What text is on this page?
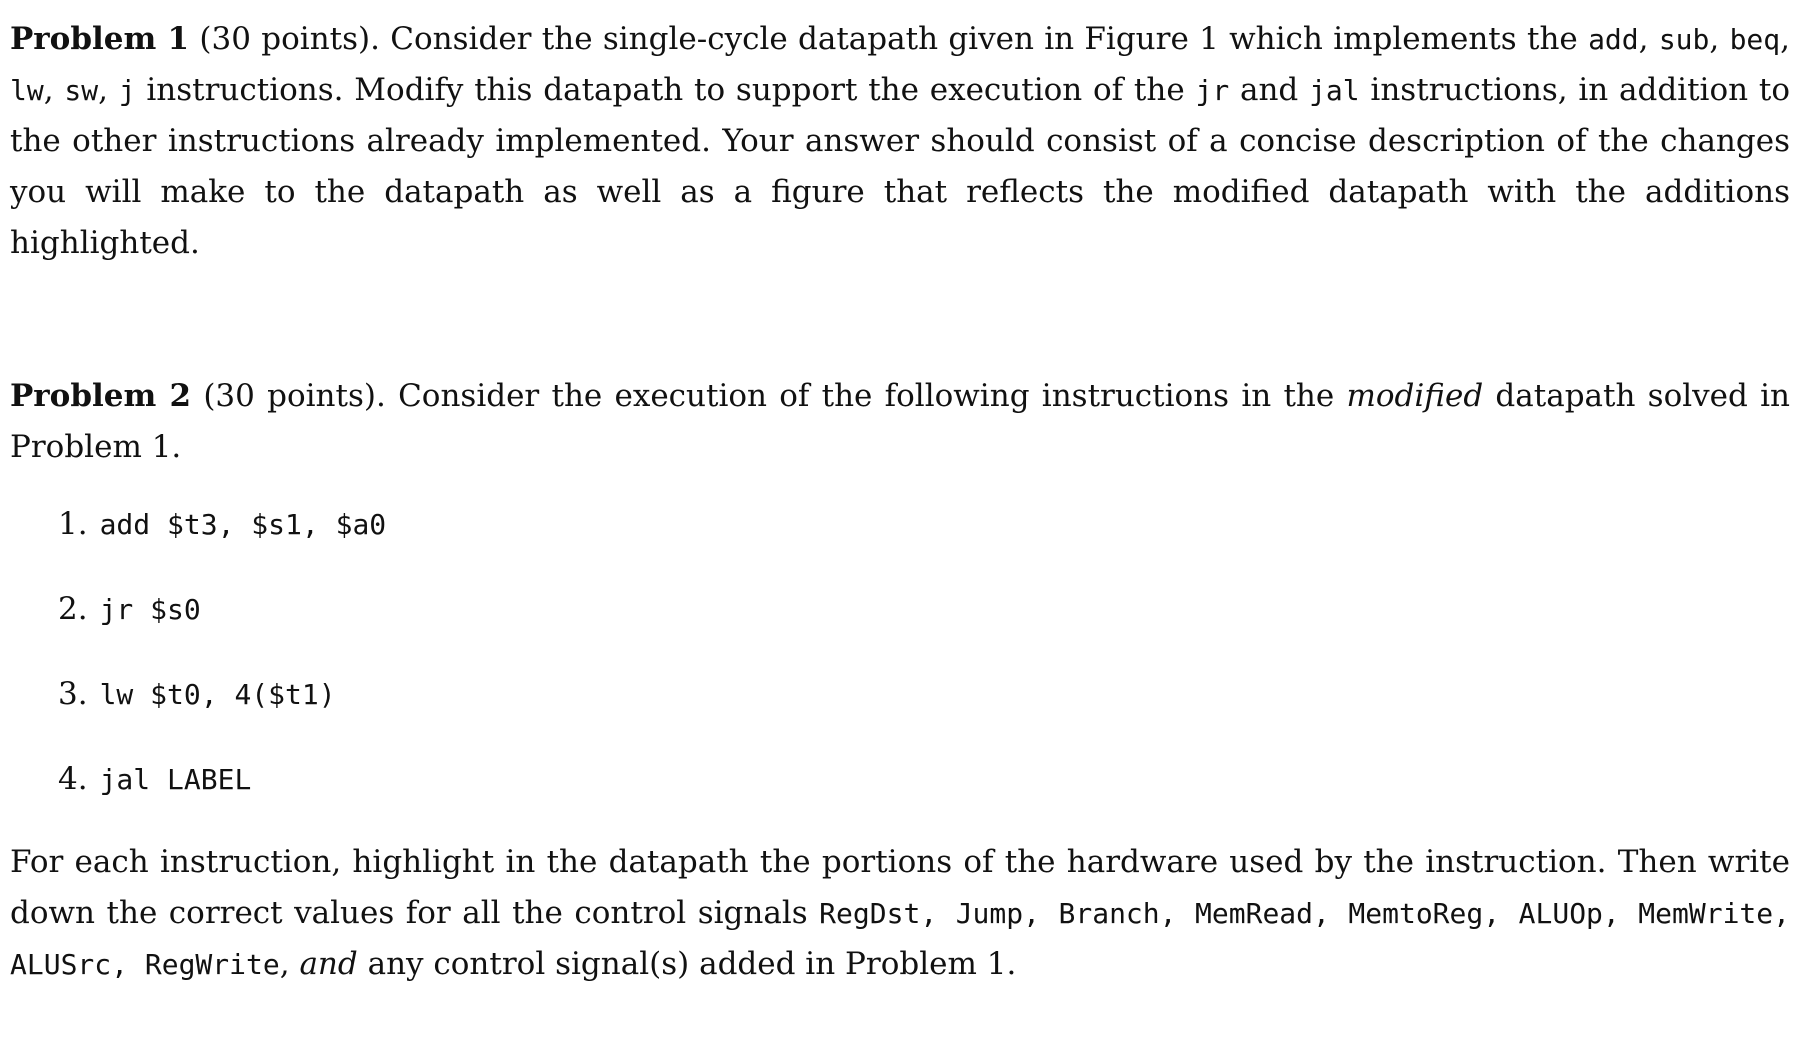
Problem 1 (30 points). Consider the single-cycle datapath given in Figure 1 which implements the add, sub, beq, lw, sw, j instructions. Modify this datapath to support the execution of the jr and jal instructions, in addition to the other instructions already implemented. Your answer should consist of a concise description of the changes you will make to the datapath as well as a figure that reflects the modified datapath with the additions highlighted.

Problem 2 (30 points). Consider the execution of the following instructions in the modified datapath solved in Problem 1.

1. add $t3, $s1, $a0
2. jr $s0
3. lw $t0, 4($t1)
4. jal LABEL

For each instruction, highlight in the datapath the portions of the hardware used by the instruction. Then write down the correct values for all the control signals RegDst, Jump, Branch, MemRead, MemtoReg, ALUOp, MemWrite, ALUSrc, RegWrite, and any control signal(s) added in Problem 1.
